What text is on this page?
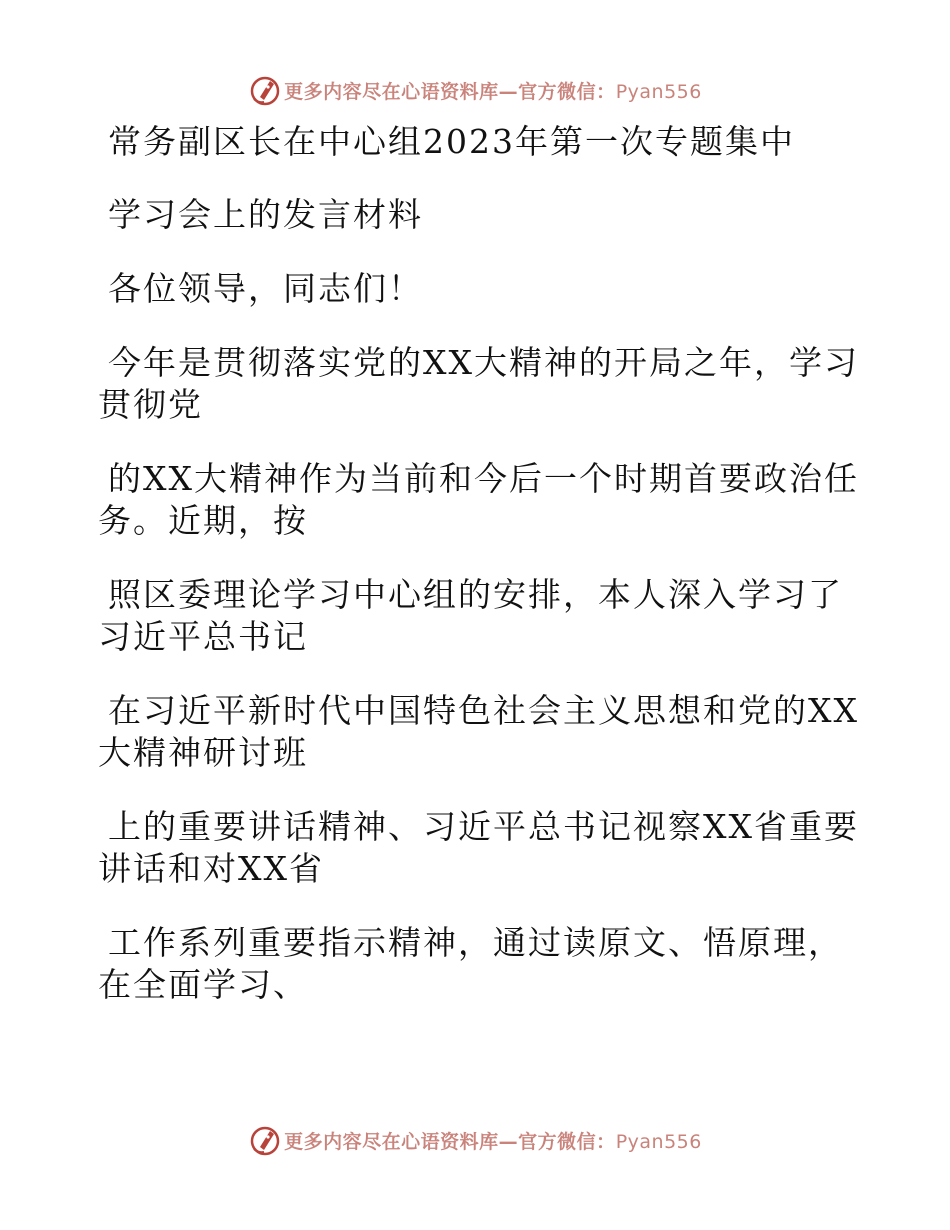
更多内容尽在心语资料库—官方微信：Pyan556

常务副区长在中心组2023年第一次专题集中

学习会上的发言材料

各位领导，同志们！

今年是贯彻落实党的XX大精神的开局之年，学习

贯彻党

的XX大精神作为当前和今后一个时期首要政治任

务。近期，按

照区委理论学习中心组的安排，本人深入学习了

习近平总书记

在习近平新时代中国特色社会主义思想和党的XX

大精神研讨班

上的重要讲话精神、习近平总书记视察XX省重要

讲话和对XX省

工作系列重要指示精神，通过读原文、悟原理，

在全面学习、

更多内容尽在心语资料库—官方微信：Pyan556
